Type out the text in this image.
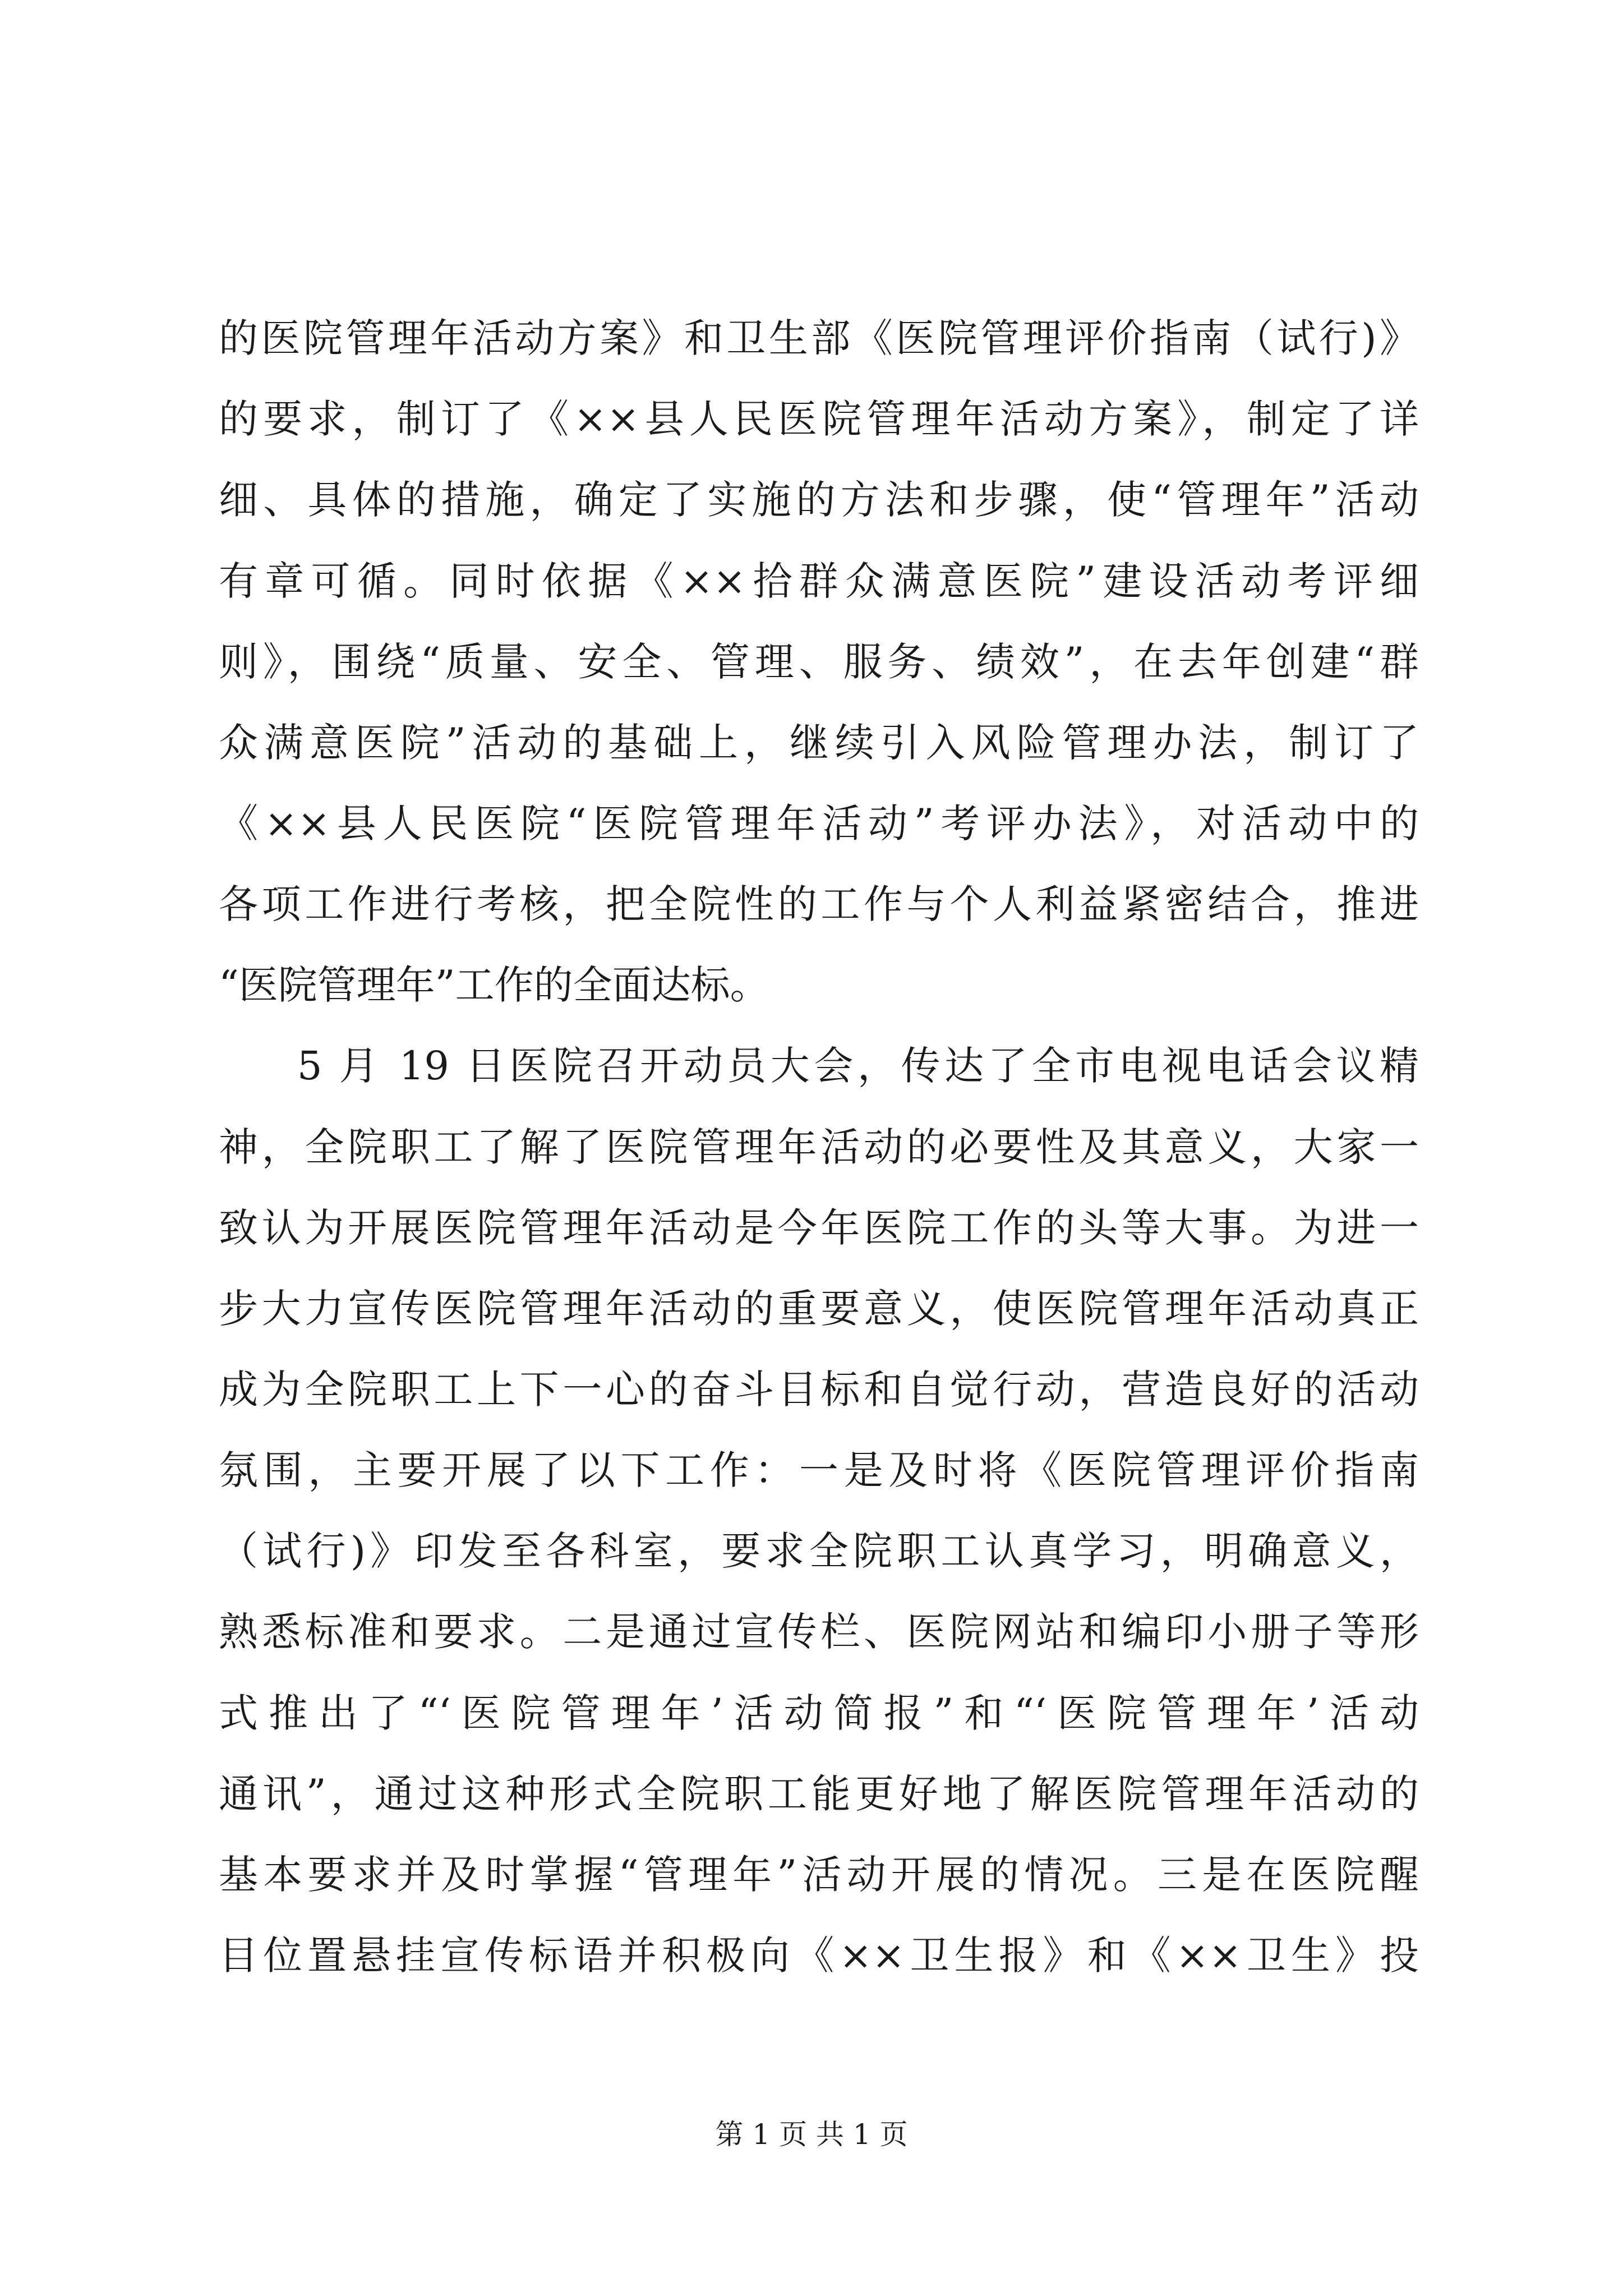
的医院管理年活动方案》和卫生部《医院管理评价指南（试行)》
的要求，制订了《××县人民医院管理年活动方案》，制定了详
细、具体的措施，确定了实施的方法和步骤，使“管理年”活动
有章可循。同时依据《××拾群众满意医院”建设活动考评细
则》，围绕“质量、安全、管理、服务、绩效”，在去年创建“群
众满意医院”活动的基础上，继续引入风险管理办法，制订了
《××县人民医院“医院管理年活动”考评办法》，对活动中的
各项工作进行考核，把全院性的工作与个人利益紧密结合，推进
“医院管理年”工作的全面达标。
5 月 19 日医院召开动员大会，传达了全市电视电话会议精
神，全院职工了解了医院管理年活动的必要性及其意义，大家一
致认为开展医院管理年活动是今年医院工作的头等大事。为进一
步大力宣传医院管理年活动的重要意义，使医院管理年活动真正
成为全院职工上下一心的奋斗目标和自觉行动，营造良好的活动
氛围，主要开展了以下工作：一是及时将《医院管理评价指南
（试行)》印发至各科室，要求全院职工认真学习，明确意义，
熟悉标准和要求。二是通过宣传栏、医院网站和编印小册子等形
式推出了“‘医院管理年’活动简报”和“‘医院管理年’活动
通讯”，通过这种形式全院职工能更好地了解医院管理年活动的
基本要求并及时掌握“管理年”活动开展的情况。三是在医院醒
目位置悬挂宣传标语并积极向《××卫生报》和《××卫生》投
第 1 页 共 1 页
